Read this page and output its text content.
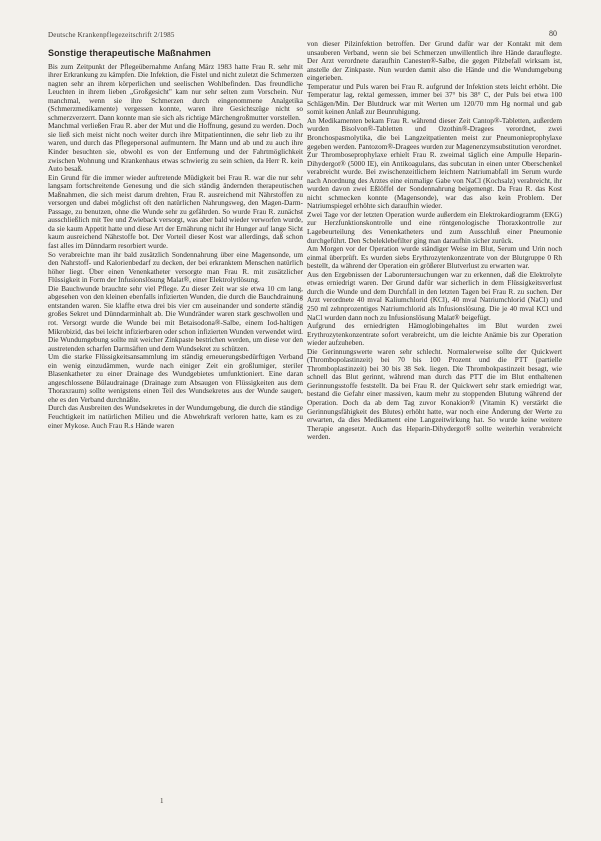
Deutsche Krankenpflegezeitschrift 2/1985	80
Sonstige therapeutische Maßnahmen

Bis zum Zeitpunkt der Pflegeübernahme Anfang März 1983 hatte Frau R. sehr mit ihrer Erkrankung zu kämpfen. Die Infektion, die Fistel und nicht zuletzt die Schmerzen nagten sehr an ihrem körperlichen und seelischen Wohlbefinden. Das freundliche Leuchten in ihrem lieben „Großgesicht" kam nur sehr selten zum Vorschein. Nur manchmal, wenn sie ihre Schmerzen durch eingenommene Analgetika (Schmerzmedikamente) vergessen konnte, waren ihre Gesichtszüge nicht so schmerzverzerrt. Dann konnte man sie sich als richtige Märchengroßmutter vorstellen.

Manchmal verließen Frau R. aber der Mut und die Hoffnung, gesund zu werden. Doch sie ließ sich meist nicht noch weiter durch ihre Mitpatientinnen, die sehr lieb zu ihr waren, und durch das Pflegepersonal aufmuntern. Ihr Mann und ab und zu auch ihre Kinder besuchten sie, obwohl es von der Entfernung und der Fahrtmöglichkeit zwischen Wohnung und Krankenhaus etwas schwierig zu sein schien, da Herr R. kein Auto besaß.

Ein Grund für die immer wieder auftretende Müdigkeit bei Frau R. war die nur sehr langsam fortschreitende Genesung und die sich ständig ändernden therapeutischen Maßnahmen, die sich meist darum drehten, Frau R. ausreichend mit Nährstoffen zu versorgen und dabei möglichst oft den natürlichen Nahrungsweg, den Magen-Darm-Passage, zu benutzen, ohne die Wunde sehr zu gefährden. So wurde Frau R. zunächst ausschließlich mit Tee und Zwieback versorgt, was aber bald wieder verworfen wurde, da sie kaum Appetit hatte und diese Art der Ernährung nicht ihr Hunger auf lange Sicht kaum ausreichend Nährstoffe bot. Der Vorteil dieser Kost war allerdings, daß schon fast alles im Dünndarm resorbiert wurde.

So verabreichte man ihr bald zusätzlich Sondennahrung über eine Magensonde, um den Nahrstoff- und Kalorienbedarf zu decken, der bei erkranktem Menschen natürlich höher liegt. Über einen Venenkatheter versorgte man Frau R. mit zusätzlicher Flüssigkeit in Form der Infusionslösung Malat®, einer Elektrolytlösung.

Die Bauchwunde brauchte sehr viel Pflege. Zu dieser Zeit war sie etwa 10 cm lang, abgesehen von den kleinen ebenfalls infizierten Wunden, die durch die Bauchdrainung entstanden waren. Sie klaffte etwa drei bis vier cm auseinander und sonderte ständig großes Sekret und Dünndarminhalt ab. Die Wundränder waren stark geschwollen und rot. Versorgt wurde die Wunde bei mit Betaisodona®-Salbe, einem Iod-haltigen Mikrobizid, das bei leicht infizierbaren oder schon infizierten Wunden verwendet wird. Die Wundumgebung sollte mit weicher Zinkpaste bestrichen werden, um diese vor den austretenden scharfen Darmsäften und dem Wundsekret zu schützen.

Um die starke Flüssigkeitsansammlung im ständig erneuerungsbedürftigen Verband ein wenig einzudämmen, wurde nach einiger Zeit ein großlumiger, steriler Blasenkatheter zu einer Drainage des Wundgebietes umfunktioniert. Eine daran angeschlossene Bülaudrainage (Drainage zum Absaugen von Flüssigkeiten aus dem Thoraxraum) sollte wenigstens einen Teil des Wundsekretes aus der Wunde saugen, ehe es den Verband durchnäßte.

Durch das Ausbreiten des Wundsekretes in der Wundumgebung, die durch die ständige Feuchtigkeit im natürlichen Milieu und die Abwehrkraft verloren hatte, kam es zu einer Mykose. Auch Frau R.s Hände waren

von dieser Pilzinfektion betroffen. Der Grund dafür war der Kontakt mit dem unsauberen Verband, wenn sie bei Schmerzen unwillentlich ihre Hände darauflegte. Der Arzt verordnete daraufhin Canesten®-Salbe, die gegen Pilzbefall wirksam ist, anstelle der Zinkpaste. Nun wurden damit also die Hände und die Wundumgebung eingerieben.

Temperatur und Puls waren bei Frau R. aufgrund der Infektion stets leicht erhöht. Die Temperatur lag, rektal gemessen, immer bei 37° bis 38° C, der Puls bei etwa 100 Schlägen/Min. Der Blutdruck war mit Werten um 120/70 mm Hg normal und gab somit keinen Anlaß zur Beunruhigung.

An Medikamenten bekam Frau R. während dieser Zeit Cantop®-Tabletten, außerdem wurden Bisolvon®-Tabletten und Ozothin®-Dragees verordnet, zwei Bronchospasmolytika, die bei Langzeitpatienten meist zur Pneumonieprophylaxe gegeben werden. Pantozom®-Dragees wurden zur Magenenzymsubstitution verordnet.

Zur Thromboseprophylaxe erhielt Frau R. zweimal täglich eine Ampulle Heparin-Dihydergot® (5000 IE), ein Antikoagulans, das subcutan in einen unter Oberschenkel verabreicht wurde. Bei zwischenzeitlichem leichtem Natriumabfall im Serum wurde nach Anordnung des Arztes eine einmalige Gabe von NaCl (Kochsalz) verabreicht, ihr wurden davon zwei Eßlöffel der Sondennahrung beigemengt. Da Frau R. das Kost nicht schmecken konnte (Magensonde), war das also kein Problem. Der Natriumspiegel erhöhte sich daraufhin wieder.

Zwei Tage vor der letzten Operation wurde außerdem ein Elektrokardiogramm (EKG) zur Herzfunktionskontrolle und eine röntgenologische Thoraxkontrolle zur Lagebeurteilung des Venenkatheters und zum Ausschluß einer Pneumonie durchgeführt. Den Scbeleklebefilter ging man daraufhin sicher zurück.

Am Morgen vor der Operation wurde ständiger Weise im Blut, Serum und Urin noch einmal überprüft. Es wurden siebs Erythrozytenkonzentrate von der Blutgruppe 0 Rh bestellt, da während der Operation ein größerer Blutverlust zu erwarten war.

Aus den Ergebnissen der Laboruntersuchungen war zu erkennen, daß die Elektrolyte etwas erniedrigt waren. Der Grund dafür war sicherlich in dem Flüssigkeitsverlust durch die Wunde und dem Durchfall in den letzten Tagen bei Frau R. zu suchen. Der Arzt verordnete 40 mval Kaliumchlorid (KCl), 40 mval Natriumchlorid (NaCl) und 250 ml zehnprozentiges Natriumchlorid als Infusionslösung. Die je 40 mval KCl und NaCl wurden dann noch zu Infusionslösung Malat® beigefügt.

Aufgrund des erniedrigten Hämoglobingehaltes im Blut wurden zwei Erythrozytenkonzentrate sofort verabreicht, um die leichte Anämie bis zur Operation wieder aufzuheben.

Die Gerinnungswerte waren sehr schlecht. Normalerweise sollte der Quickwert (Thrombopolastinzeit) bei 70 bis 100 Prozent und die PTT (partielle Thromboplastinzeit) bei 30 bis 38 Sek. liegen. Die Thrombokpastinzeit besagt, wie schnell das Blut gerinnt, während man durch das PTT die im Blut enthaltenen Gerinnungsstoffe feststellt. Da bei Frau R. der Quickwert sehr stark erniedrigt war, bestand die Gefahr einer massiven, kaum mehr zu stoppenden Blutung während der Operation. Doch da ab dem Tag zuvor Konakion® (Vitamin K) verstärkt die Gerinnungsfähigkeit des Blutes) erhöht hatte, war noch eine Änderung der Werte zu erwarten, da dies Medikament eine Langzeitwirkung hat. So wurde keine weitere Therapie angesetzt. Auch das Heparin-Dihydergot® sollte weiterhin verabreicht werden.

1
